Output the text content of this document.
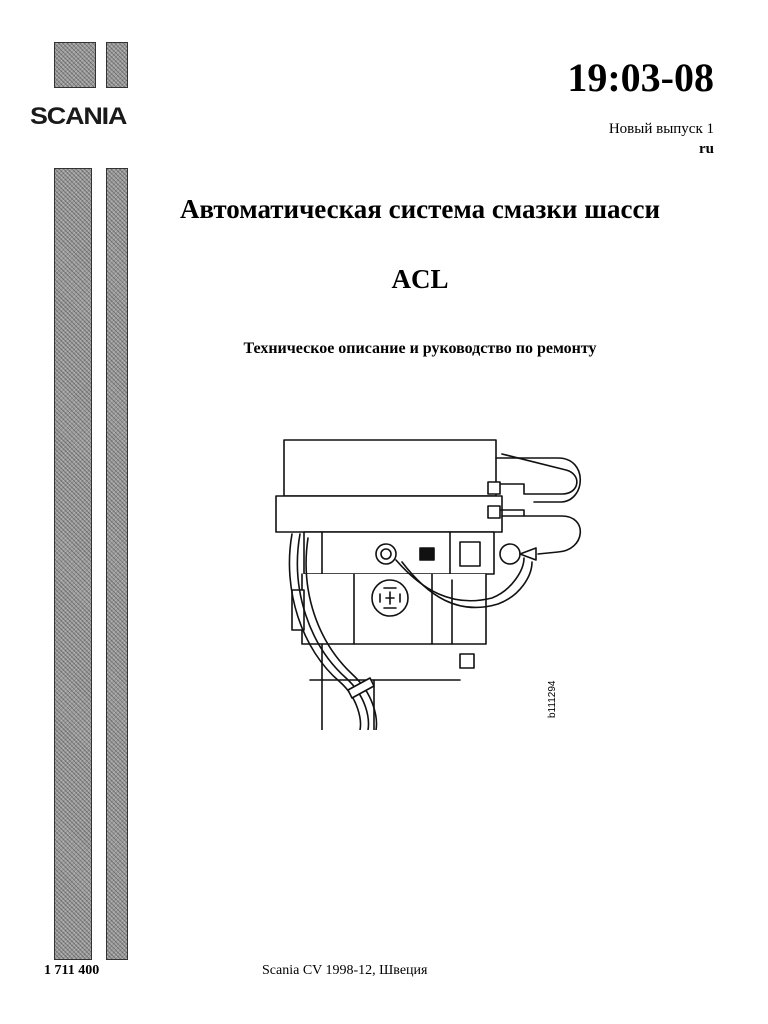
SCANIA
19:03-08
Новый выпуск 1
ru
Автоматическая система смазки шасси
ACL
Техническое описание и руководство по ремонту
b111294
1 711 400	Scania CV 1998-12, Швеция
